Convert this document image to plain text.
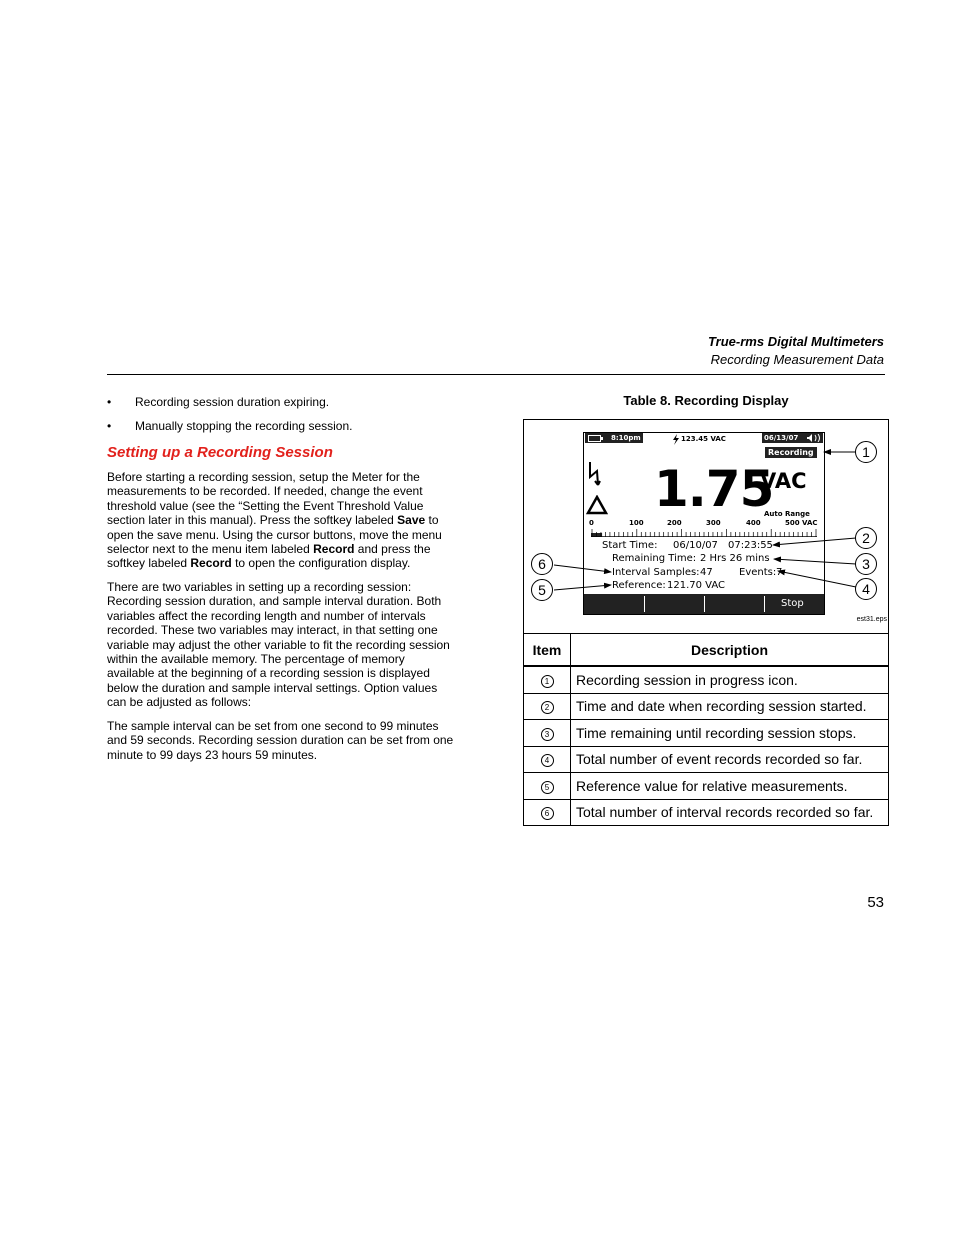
True-rms Digital Multimeters
Recording Measurement Data
•	Recording session duration expiring.
•	Manually stopping the recording session.
Setting up a Recording Session
Before starting a recording session, setup the Meter for the
measurements to be recorded. If needed, change the event
threshold value (see the “Setting the Event Threshold Value
section later in this manual). Press the softkey labeled Save to
open the save menu. Using the cursor buttons, move the menu
selector next to the menu item labeled Record and press the
softkey labeled Record to open the configuration display.
There are two variables in setting up a recording session:
Recording session duration, and sample interval duration. Both
variables affect the recording length and number of intervals
recorded. These two variables may interact, in that setting one
variable may adjust the other variable to fit the recording session
within the available memory. The percentage of memory
available at the beginning of a recording session is displayed
below the duration and sample interval settings. Option values
can be adjusted as follows:
The sample interval can be set from one second to 99 minutes
and 59 seconds. Recording session duration can be set from one
minute to 99 days 23 hours 59 minutes.
Table 8. Recording Display
8:10pm	123.45 VAC	06/13/07
Recording
1.75
VAC
Auto Range
0	100	200	300	400	500 VAC
Start Time: 06/10/07 07:23:55
Remaining Time: 2 Hrs 26 mins
Interval Samples: 47	Events: 7
Reference: 121.70 VAC
Stop
1
2
3
4
5
6
est31.eps
Item	Description
1	Recording session in progress icon.
2	Time and date when recording session started.
3	Time remaining until recording session stops.
4	Total number of event records recorded so far.
5	Reference value for relative measurements.
6	Total number of interval records recorded so far.
53
